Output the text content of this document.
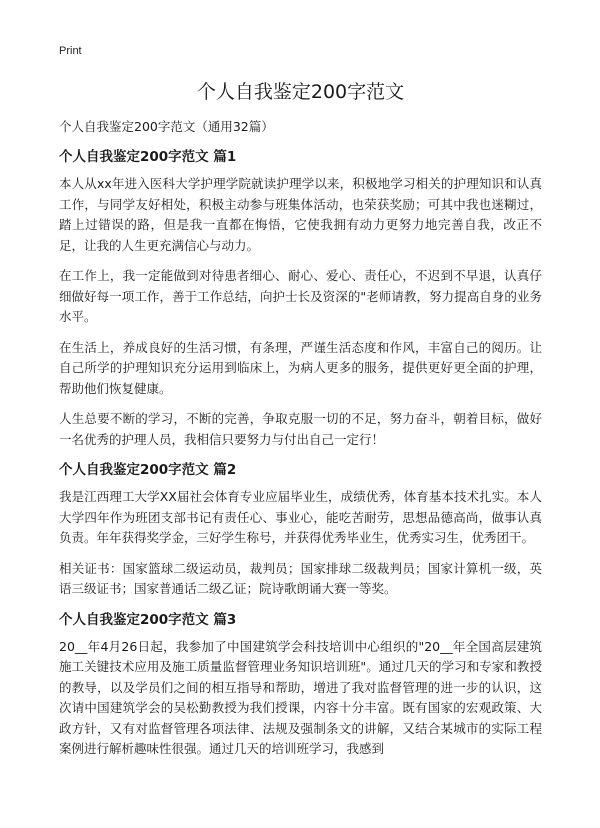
Print
个人自我鉴定200字范文
个人自我鉴定200字范文（通用32篇）
个人自我鉴定200字范文 篇1

本人从xx年进入医科大学护理学院就读护理学以来，积极地学习相关的护理知识和认真工作，与同学友好相处，积极主动参与班集体活动，也荣获奖励；可其中我也迷糊过，踏上过错误的路，但是我一直都在悔悟，它使我拥有动力更努力地完善自我，改正不足，让我的人生更充满信心与动力。

在工作上，我一定能做到对待患者细心、耐心、爱心、责任心，不迟到不早退，认真仔细做好每一项工作，善于工作总结，向护士长及资深的"老师请教，努力提高自身的业务水平。

在生活上，养成良好的生活习惯，有条理，严谨生活态度和作风，丰富自己的阅历。让自己所学的护理知识充分运用到临床上，为病人更多的服务，提供更好更全面的护理，帮助他们恢复健康。

人生总要不断的学习，不断的完善，争取克服一切的不足，努力奋斗，朝着目标，做好一名优秀的护理人员，我相信只要努力与付出自己一定行！

个人自我鉴定200字范文 篇2

我是江西理工大学XX届社会体育专业应届毕业生，成绩优秀，体育基本技术扎实。本人大学四年作为班团支部书记有责任心、事业心，能吃苦耐劳，思想品德高尚，做事认真负责。年年获得奖学金，三好学生称号，并获得优秀毕业生，优秀实习生，优秀团干。

相关证书：国家篮球二级运动员，裁判员；国家排球二级裁判员；国家计算机一级，英语三级证书；国家普通话二级乙证；院诗歌朗诵大赛一等奖。

个人自我鉴定200字范文 篇3

20__年4月26日起，我参加了中国建筑学会科技培训中心组织的"20__年全国高层建筑施工关键技术应用及施工质量监督管理业务知识培训班"。通过几天的学习和专家和教授的教导，以及学员们之间的相互指导和帮助，增进了我对监督管理的进一步的认识，这次请中国建筑学会的吴松勤教授为我们授课，内容十分丰富。既有国家的宏观政策、大政方针，又有对监督管理各项法律、法规及强制条文的讲解，又结合某城市的实际工程案例进行解析趣味性很强。通过几天的培训班学习，我感到
